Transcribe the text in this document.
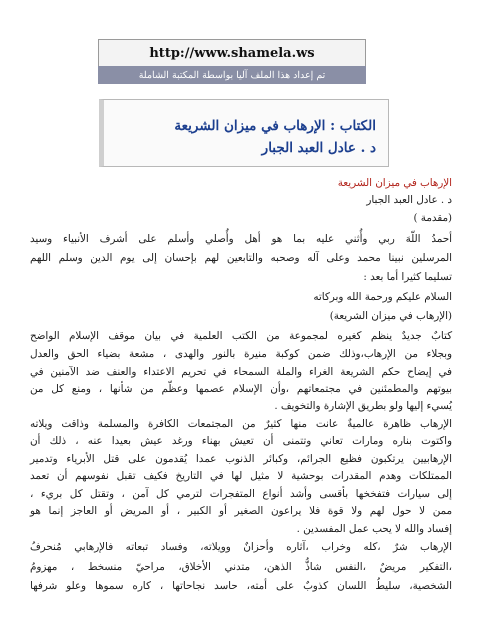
http://www.shamela.ws
تم إعداد هذا الملف آليا بواسطة المكتبة الشاملة
الكتاب : الإرهاب في ميزان الشريعة
د . عادل العبد الجبار
الإرهاب في ميزان الشريعة
د . عادل العبد الجبار
(مقدمة )
أحمدُ اللّهَ ربي وأُثني عليه بما هو أهل وأُصلي وأسلم على أشرف الأنبياء وسيد
المرسلين نبينا محمد وعلى آله وصحبه والتابعين لهم بإحسان إلى يوم الدين وسلم اللهم
تسليما كثيرا أما بعد :
السلام عليكم ورحمة الله وبركاته
(الإرهاب في ميزان الشريعة)
كتابٌ جديدٌ ينظم كغيره لمجموعة من الكتب العلمية في بيان موقف الإسلام الواضح
وبجلاء من الإرهاب،وذلك ضمن كوكبة منيرة بالنور والهدى ، مشعة بضياء الحق والعدل
في إيضاح حكم الشريعة الغراء والملة السمحاء في تحريم الاعتداء والعنف ضد الآمنين في
بيوتهم والمطمئنين في مجتمعاتهم ،وأن الإسلام عصمها وعظّم من شأنها ، ومنع كل من
يُسيء إليها ولو بطريق الإشارة والتخويف .
الإرهاب ظاهرة عالميةٌ عانت منها كثيرٌ من المجتمعات الكافرة والمسلمة وذاقت ويلاته
واكتوت بناره ومارات تعاني وتتمنى أن تعيش بهناء ورغد عيش بعيدا عنه ، ذلك أن
الإرهابيين يرتكبون فظيع الجرائم، وكبائر الذنوب عمدا يُقدمون على قتل الأبرياء وتدمير
الممتلكات وهدم المقدرات بوحشية لا مثيل لها في التاريخ فكيف تقبل نفوسهم أن تعمد
إلى سيارات فتفخخها بأقسى وأشد أنواع المتفجرات لترمي كل آمن ، وتقتل كل بريء ،
ممن لا حول لهم ولا قوة فلا يراعون الصغير أو الكبير ، أو المريض أو العاجز إنما هو
إفساد والله لا يحب عمل المفسدين .
الإرهاب شرٌ ،كله وخراب ،آثاره وأحزانٌ وويلاته، وفساد تبعاته فالإرهابي مُنحرفُ
،التفكير مريضٌ ،النفس شاذُّ الذهن، متدني الأخلاق، مراحيّ منسخط ، مهزومُ
الشخصية، سليطُ اللسان كذوبٌ على أمته، حاسد نجاحاتها ، كاره سموها وعلو شرفها
